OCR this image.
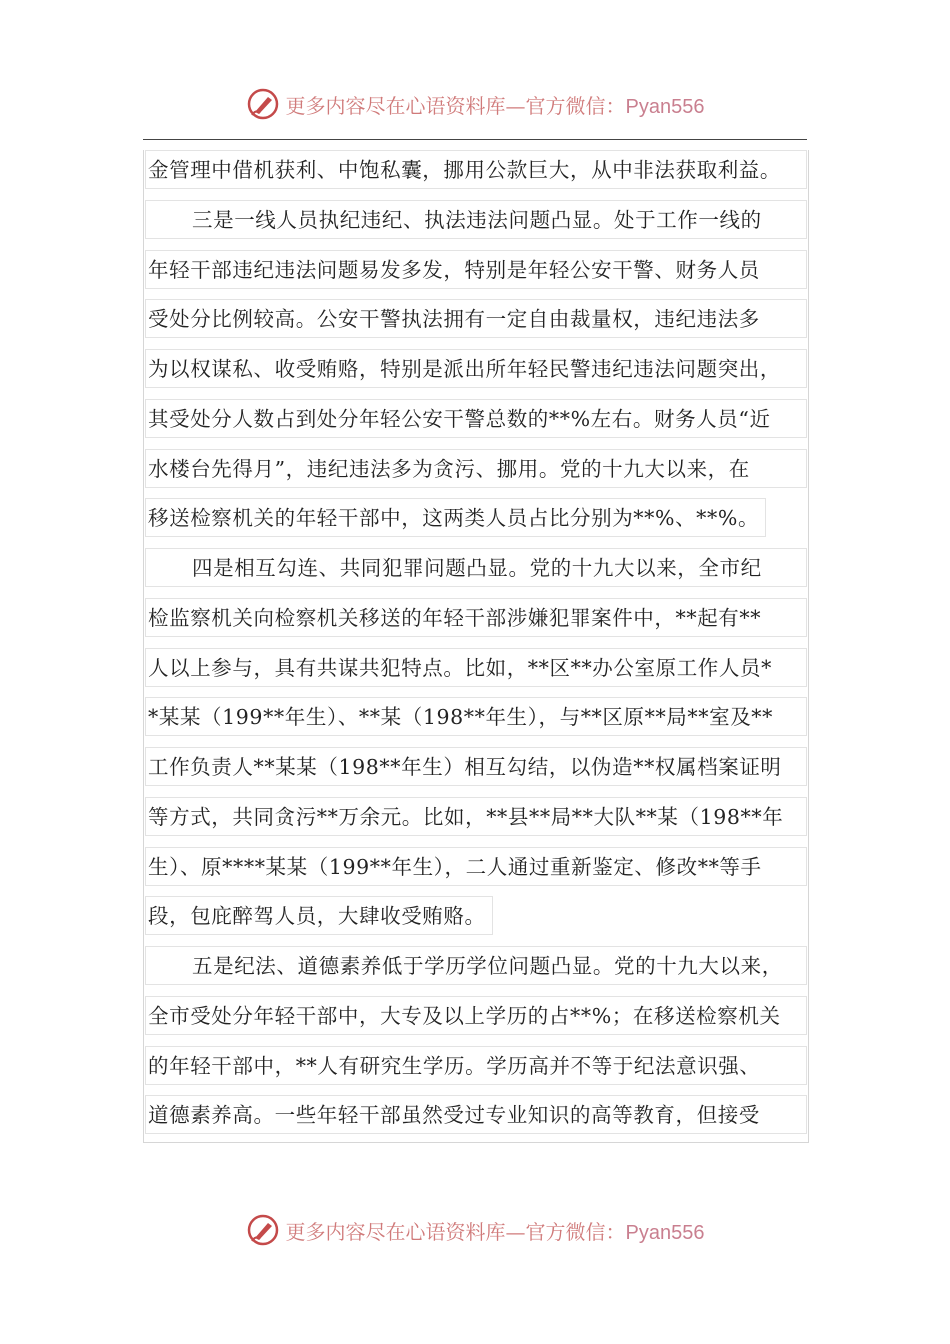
更多内容尽在心语资料库—官方微信：Pyan556
金管理中借机获利、中饱私囊，挪用公款巨大，从中非法获取利益。
三是一线人员执纪违纪、执法违法问题凸显。处于工作一线的
年轻干部违纪违法问题易发多发，特别是年轻公安干警、财务人员
受处分比例较高。公安干警执法拥有一定自由裁量权，违纪违法多
为以权谋私、收受贿赂，特别是派出所年轻民警违纪违法问题突出，
其受处分人数占到处分年轻公安干警总数的**%左右。财务人员“近
水楼台先得月”，违纪违法多为贪污、挪用。党的十九大以来，在
移送检察机关的年轻干部中，这两类人员占比分别为**%、**%。
四是相互勾连、共同犯罪问题凸显。党的十九大以来，全市纪
检监察机关向检察机关移送的年轻干部涉嫌犯罪案件中，**起有**
人以上参与，具有共谋共犯特点。比如，**区**办公室原工作人员*
*某某（199**年生）、**某（198**年生），与**区原**局**室及**
工作负责人**某某（198**年生）相互勾结，以伪造**权属档案证明
等方式，共同贪污**万余元。比如，**县**局**大队**某（198**年
生）、原****某某（199**年生），二人通过重新鉴定、修改**等手
段，包庇醉驾人员，大肆收受贿赂。
五是纪法、道德素养低于学历学位问题凸显。党的十九大以来，
全市受处分年轻干部中，大专及以上学历的占**%；在移送检察机关
的年轻干部中，**人有研究生学历。学历高并不等于纪法意识强、
道德素养高。一些年轻干部虽然受过专业知识的高等教育，但接受
更多内容尽在心语资料库—官方微信：Pyan556
